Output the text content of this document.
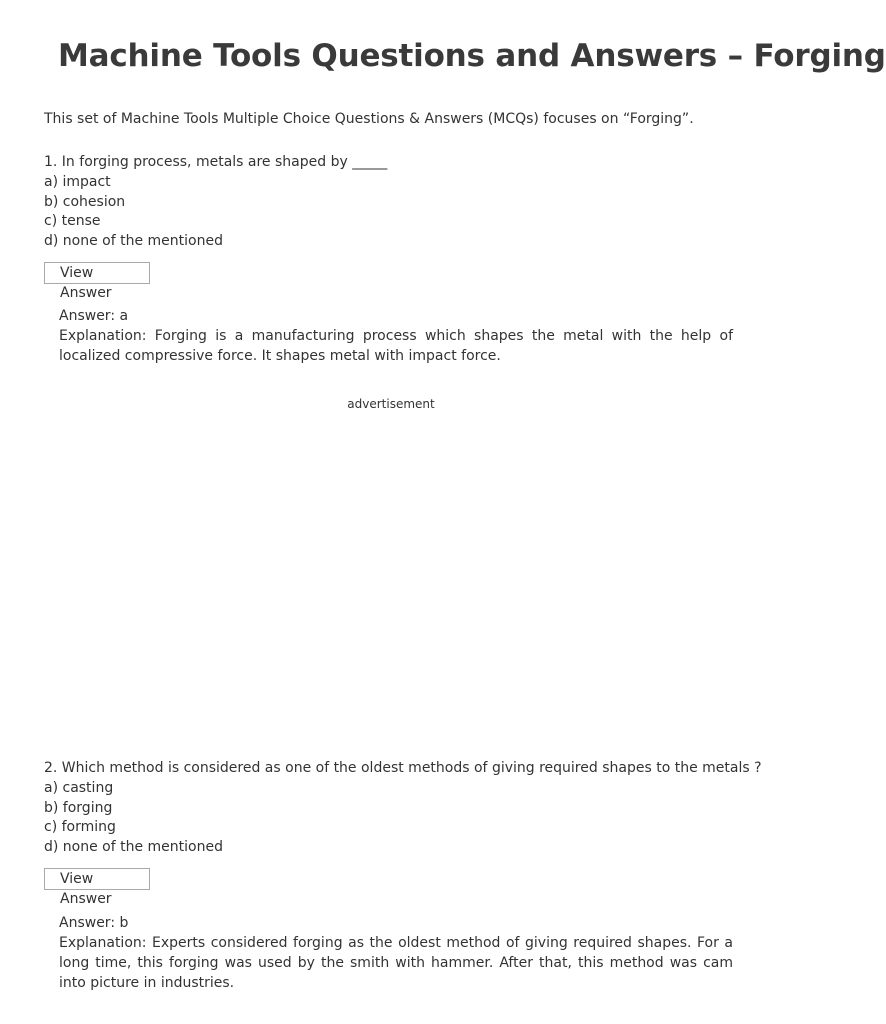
Machine Tools Questions and Answers – Forging
This set of Machine Tools Multiple Choice Questions & Answers (MCQs) focuses on “Forging”.
1. In forging process, metals are shaped by _____
a) impact
b) cohesion
c) tense
d) none of the mentioned
View Answer
Answer: a
Explanation: Forging is a manufacturing process which shapes the metal with the help of localized compressive force. It shapes metal with impact force.
advertisement
2. Which method is considered as one of the oldest methods of giving required shapes to the metals ?
a) casting
b) forging
c) forming
d) none of the mentioned
View Answer
Answer: b
Explanation: Experts considered forging as the oldest method of giving required shapes. For a long time, this forging was used by the smith with hammer. After that, this method was cam into picture in industries.
